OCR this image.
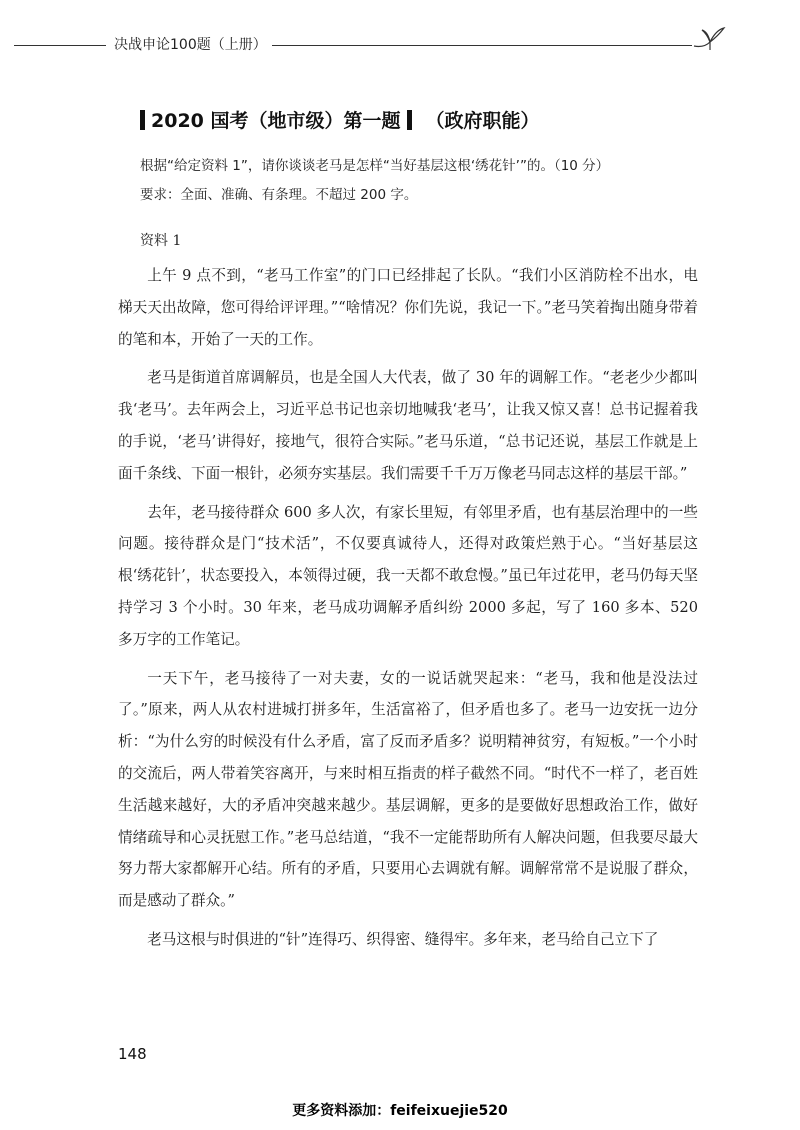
决战申论100题（上册）
2020 国考（地市级）第一题 （政府职能）

根据“给定资料 1”，请你谈谈老马是怎样“当好基层这根‘绣花针’”的。（10 分）

要求：全面、准确、有条理。不超过 200 字。

资料 1

上午 9 点不到，“老马工作室”的门口已经排起了长队。“我们小区消防栓不出水，电梯天天出故障，您可得给评评理。”“啥情况？你们先说，我记一下。”老马笑着掏出随身带着的笔和本，开始了一天的工作。

老马是街道首席调解员，也是全国人大代表，做了 30 年的调解工作。“老老少少都叫我‘老马’。去年两会上，习近平总书记也亲切地喊我‘老马’，让我又惊又喜！总书记握着我的手说，‘老马’讲得好，接地气，很符合实际。”老马乐道，“总书记还说，基层工作就是上面千条线、下面一根针，必须夯实基层。我们需要千千万万像老马同志这样的基层干部。”

去年，老马接待群众 600 多人次，有家长里短，有邻里矛盾，也有基层治理中的一些问题。接待群众是门“技术活”，不仅要真诚待人，还得对政策烂熟于心。“当好基层这根‘绣花针’，状态要投入，本领得过硬，我一天都不敢怠慢。”虽已年过花甲，老马仍每天坚持学习 3 个小时。30 年来，老马成功调解矛盾纠纷 2000 多起，写了 160 多本、520 多万字的工作笔记。

一天下午，老马接待了一对夫妻，女的一说话就哭起来：“老马，我和他是没法过了。”原来，两人从农村进城打拼多年，生活富裕了，但矛盾也多了。老马一边安抚一边分析：“为什么穷的时候没有什么矛盾，富了反而矛盾多？说明精神贫穷，有短板。”一个小时的交流后，两人带着笑容离开，与来时相互指责的样子截然不同。“时代不一样了，老百姓生活越来越好，大的矛盾冲突越来越少。基层调解，更多的是要做好思想政治工作，做好情绪疏导和心灵抚慰工作。”老马总结道，“我不一定能帮助所有人解决问题，但我要尽最大努力帮大家都解开心结。所有的矛盾，只要用心去调就有解。调解常常不是说服了群众，而是感动了群众。”

老马这根与时俱进的“针”连得巧、织得密、缝得牢。多年来，老马给自己立下了

148
更多资料添加：feifeixuejie520
